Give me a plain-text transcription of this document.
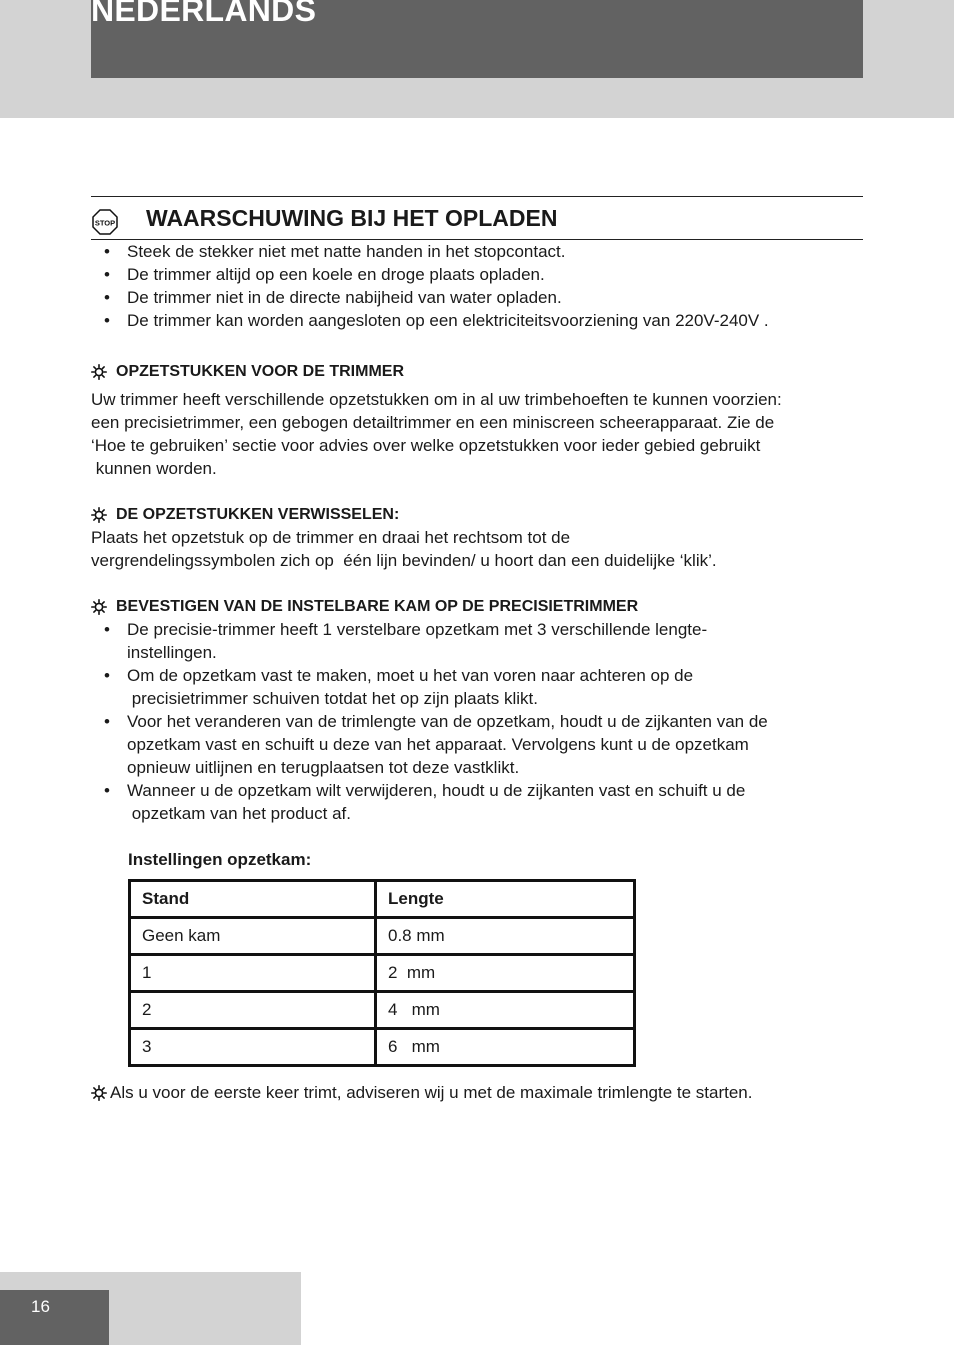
NEDERLANDS
STOP WAARSCHUWING BIJ HET OPLADEN
• Steek de stekker niet met natte handen in het stopcontact.
• De trimmer altijd op een koele en droge plaats opladen.
• De trimmer niet in de directe nabijheid van water opladen.
• De trimmer kan worden aangesloten op een elektriciteitsvoorziening van 220V-240V .
OPZETSTUKKEN VOOR DE TRIMMER

Uw trimmer heeft verschillende opzetstukken om in al uw trimbehoeften te kunnen voorzien:
een precisietrimmer, een gebogen detailtrimmer en een miniscreen scheerapparaat. Zie de
‘Hoe te gebruiken’ sectie voor advies over welke opzetstukken voor ieder gebied gebruikt
kunnen worden.

DE OPZETSTUKKEN VERWISSELEN:

Plaats het opzetstuk op de trimmer en draai het rechtsom tot de
vergrendelingssymbolen zich op  één lijn bevinden/ u hoort dan een duidelijke ‘klik’.

BEVESTIGEN VAN DE INSTELBARE KAM OP DE PRECISIETRIMMER
• De precisie-trimmer heeft 1 verstelbare opzetkam met 3 verschillende lengte-
instellingen.
• Om de opzetkam vast te maken, moet u het van voren naar achteren op de
precisietrimmer schuiven totdat het op zijn plaats klikt.
• Voor het veranderen van de trimlengte van de opzetkam, houdt u de zijkanten van de
opzetkam vast en schuift u deze van het apparaat. Vervolgens kunt u de opzetkam
opnieuw uitlijnen en terugplaatsen tot deze vastklikt.
• Wanneer u de opzetkam wilt verwijderen, houdt u de zijkanten vast en schuift u de
opzetkam van het product af.

Instellingen opzetkam:

Stand	Lengte
Geen kam	0.8 mm
1	2  mm
2	4   mm
3	6   mm

Als u voor de eerste keer trimt, adviseren wij u met de maximale trimlengte te starten.

16
